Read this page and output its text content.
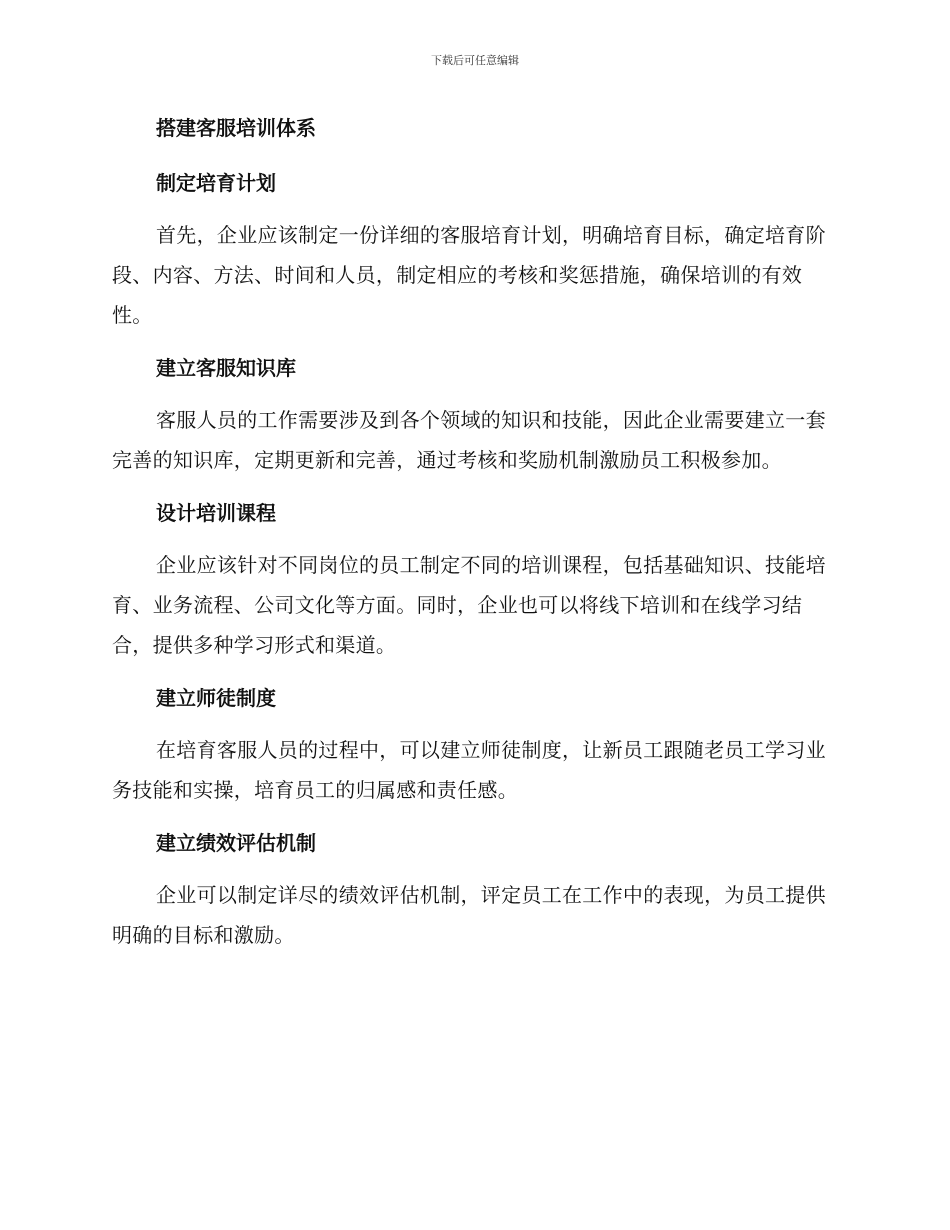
下载后可任意编辑
搭建客服培训体系
制定培育计划

首先，企业应该制定一份详细的客服培育计划，明确培育目标，确定培育阶段、内容、方法、时间和人员，制定相应的考核和奖惩措施，确保培训的有效性。

建立客服知识库

客服人员的工作需要涉及到各个领域的知识和技能，因此企业需要建立一套完善的知识库，定期更新和完善，通过考核和奖励机制激励员工积极参加。

设计培训课程

企业应该针对不同岗位的员工制定不同的培训课程，包括基础知识、技能培育、业务流程、公司文化等方面。同时，企业也可以将线下培训和在线学习结合，提供多种学习形式和渠道。

建立师徒制度

在培育客服人员的过程中，可以建立师徒制度，让新员工跟随老员工学习业务技能和实操，培育员工的归属感和责任感。

建立绩效评估机制

企业可以制定详尽的绩效评估机制，评定员工在工作中的表现，为员工提供明确的目标和激励。
